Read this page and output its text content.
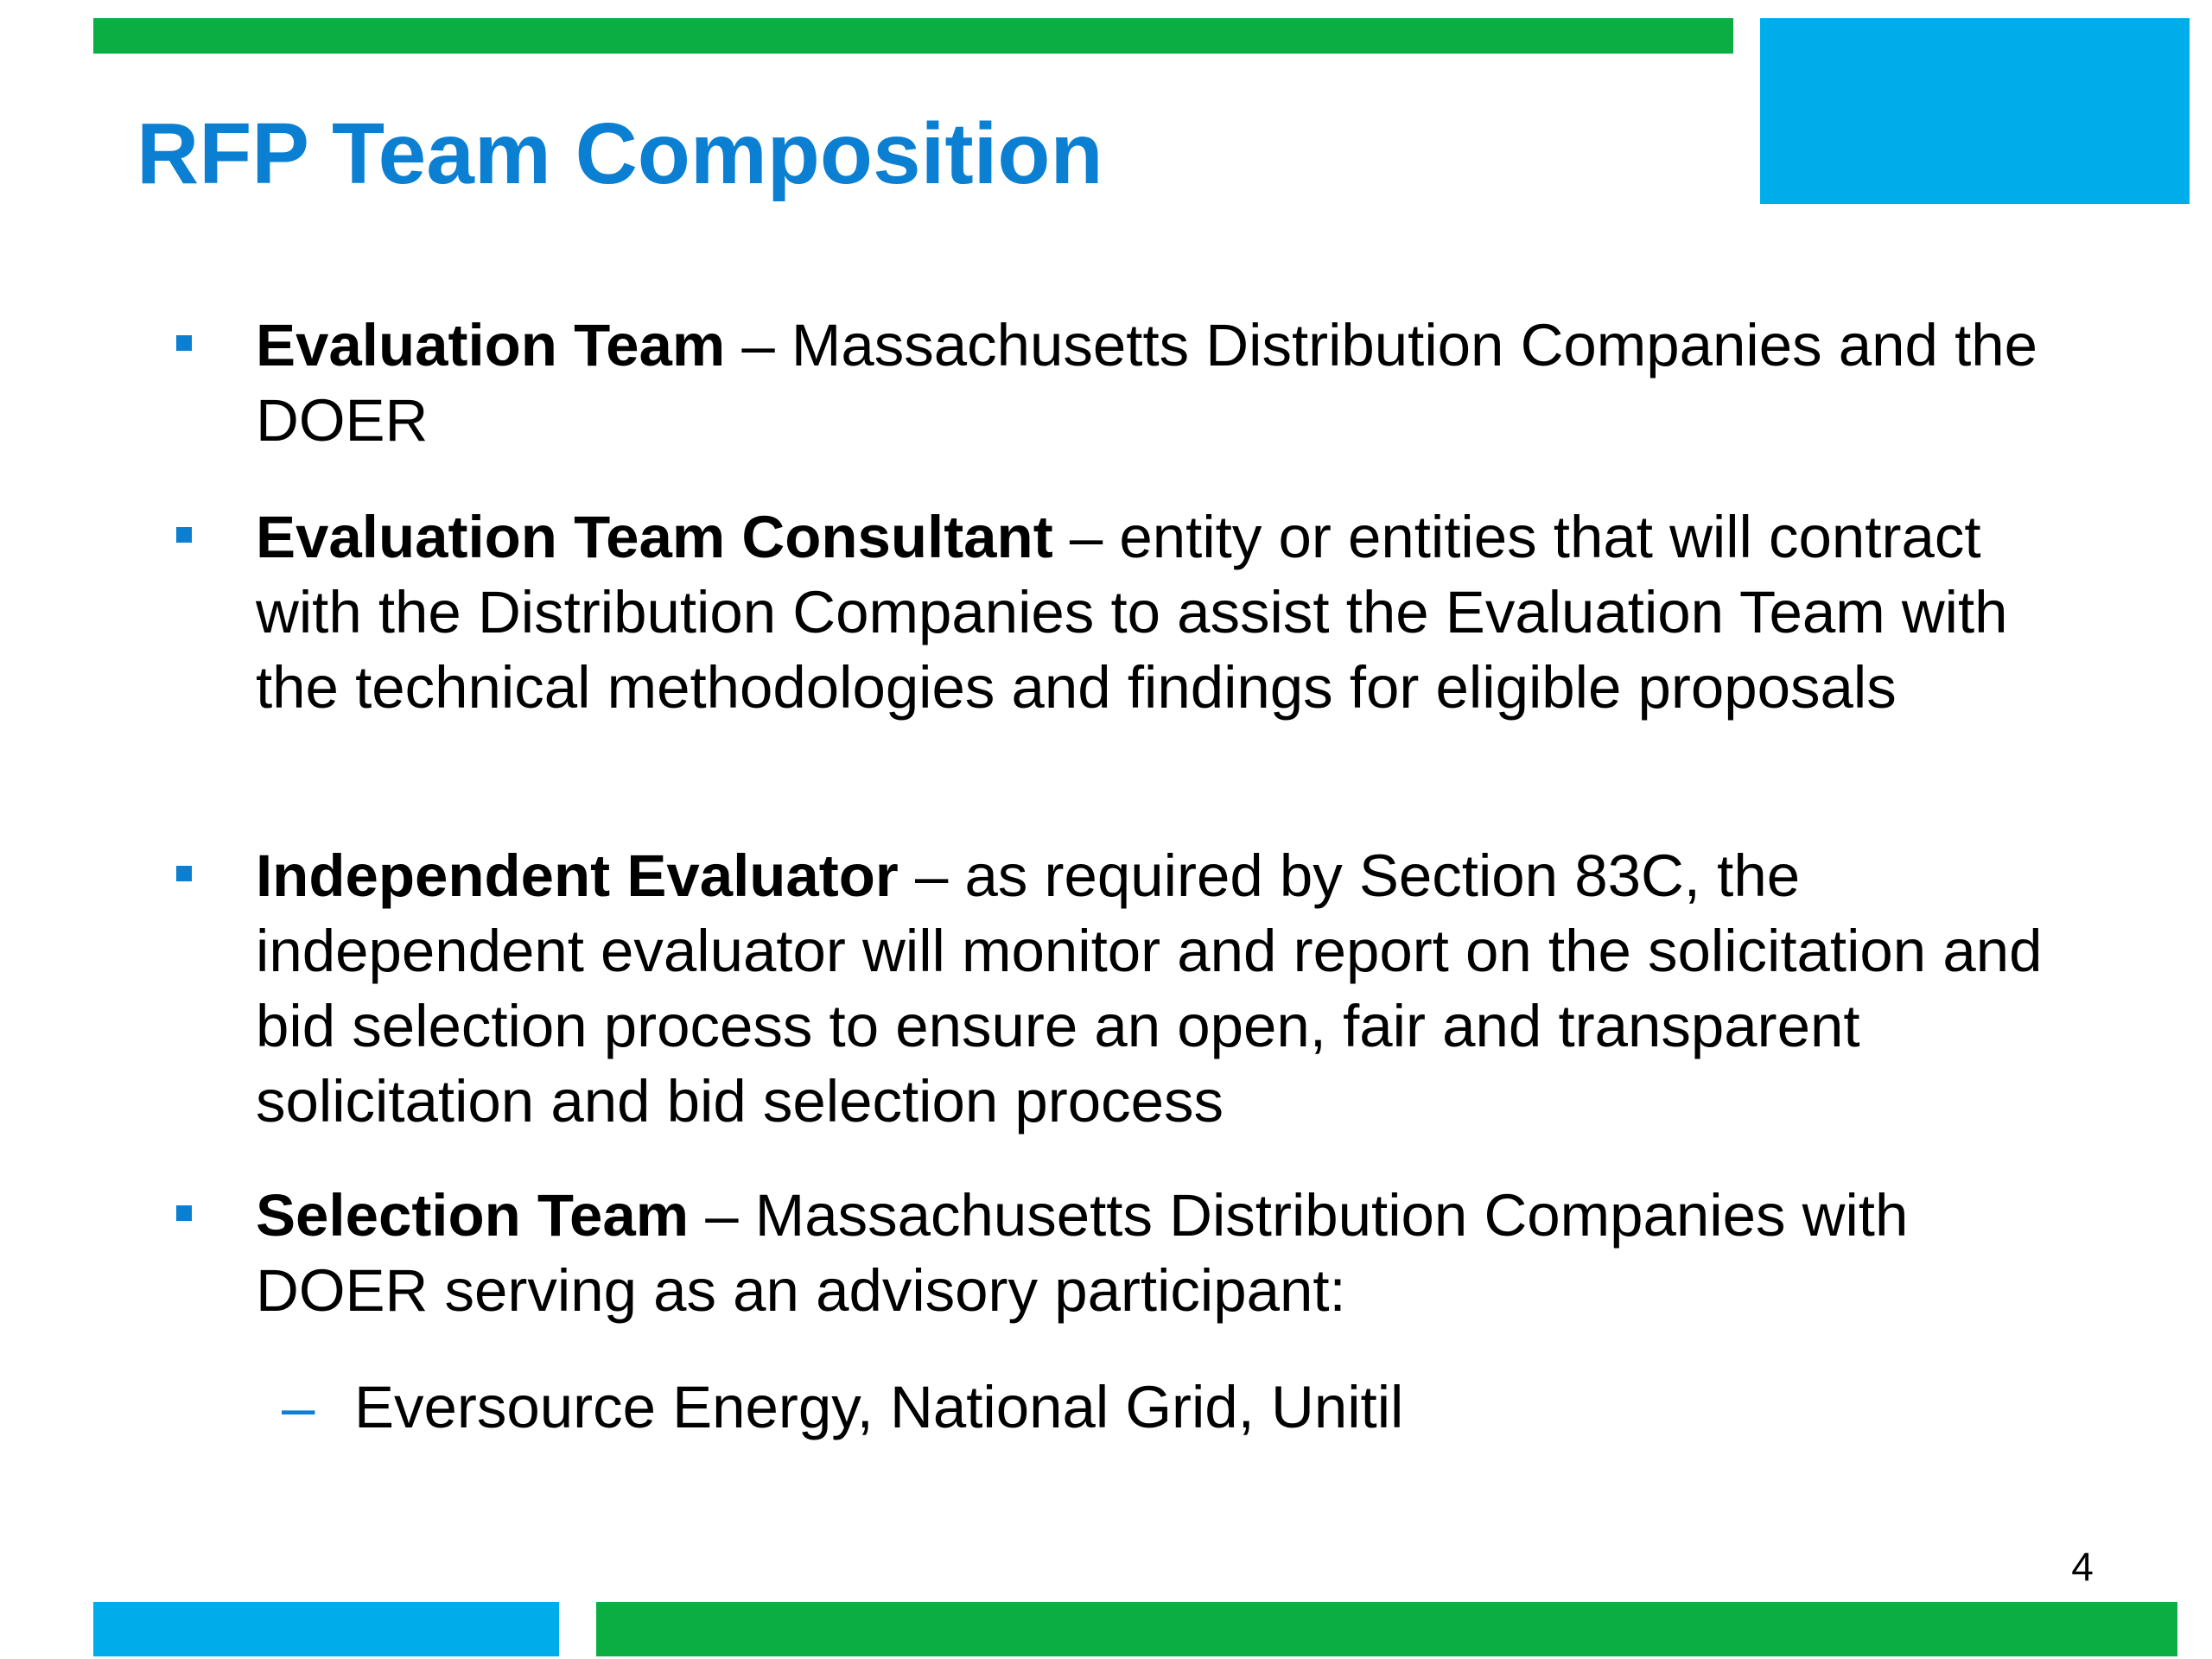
RFP Team Composition
Evaluation Team – Massachusetts Distribution Companies and the DOER
Evaluation Team Consultant – entity or entities that will contract with the Distribution Companies to assist the Evaluation Team with the technical methodologies and findings for eligible proposals
Independent Evaluator – as required by Section 83C, the independent evaluator will monitor and report on the solicitation and bid selection process to ensure an open, fair and transparent solicitation and bid selection process
Selection Team – Massachusetts Distribution Companies with DOER serving as an advisory participant:
– Eversource Energy, National Grid, Unitil
4
